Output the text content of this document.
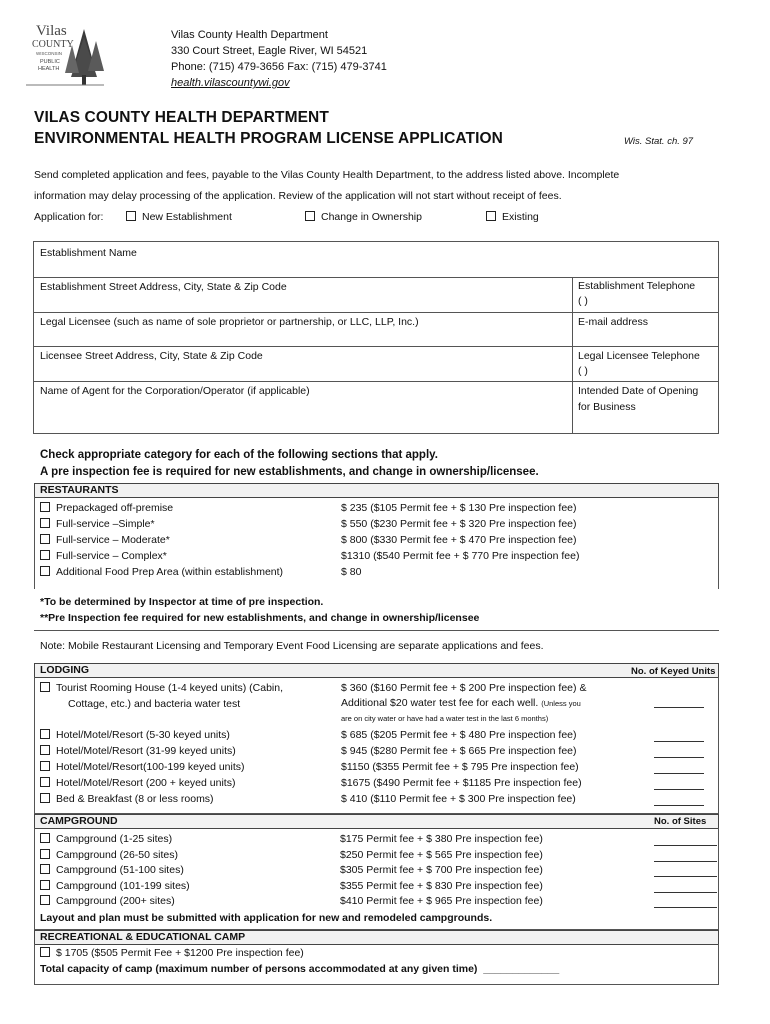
Vilas
COUNTY
WISCONSIN
PUBLIC
HEALTH
Vilas County Health Department
330 Court Street, Eagle River, WI 54521
Phone: (715) 479-3656 Fax: (715) 479-3741
health.vilascountywi.gov
VILAS COUNTY HEALTH DEPARTMENT
ENVIRONMENTAL HEALTH PROGRAM LICENSE APPLICATION	Wis. Stat. ch. 97
Send completed application and fees, payable to the Vilas County Health Department, to the address listed above. Incomplete
information may delay processing of the application. Review of the application will not start without receipt of fees.
Application for:	New Establishment	Change in Ownership	Existing
Establishment Name
Establishment Street Address, City, State & Zip Code	Establishment Telephone
( )
Legal Licensee (such as name of sole proprietor or partnership, or LLC, LLP, Inc.)	E-mail address
Licensee Street Address, City, State & Zip Code	Legal Licensee Telephone
( )
Name of Agent for the Corporation/Operator (if applicable)	Intended Date of Opening
for Business
Check appropriate category for each of the following sections that apply.
A pre inspection fee is required for new establishments, and change in ownership/licensee.
RESTAURANTS
Prepackaged off-premise	$ 235 ($105 Permit fee + $ 130 Pre inspection fee)
Full-service –Simple*	$ 550 ($230 Permit fee + $ 320 Pre inspection fee)
Full-service – Moderate*	$ 800 ($330 Permit fee + $ 470 Pre inspection fee)
Full-service – Complex*	$1310 ($540 Permit fee + $ 770 Pre inspection fee)
Additional Food Prep Area (within establishment)	$ 80
*To be determined by Inspector at time of pre inspection.
**Pre Inspection fee required for new establishments, and change in ownership/licensee
Note: Mobile Restaurant Licensing and Temporary Event Food Licensing are separate applications and fees.
LODGING	No. of Keyed Units
Tourist Rooming House (1-4 keyed units) (Cabin,
Cottage, etc.) and bacteria water test
$ 360 ($160 Permit fee + $ 200 Pre inspection fee) &
Additional $20 water test fee for each well. (Unless you
are on city water or have had a water test in the last 6 months)
Hotel/Motel/Resort (5-30 keyed units)	$ 685 ($205 Permit fee + $ 480 Pre inspection fee)
Hotel/Motel/Resort (31-99 keyed units)	$ 945 ($280 Permit fee + $ 665 Pre inspection fee)
Hotel/Motel/Resort(100-199 keyed units)	$1150 ($355 Permit fee + $ 795 Pre inspection fee)
Hotel/Motel/Resort (200 + keyed units)	$1675 ($490 Permit fee + $1185 Pre inspection fee)
Bed & Breakfast (8 or less rooms)	$ 410 ($110 Permit fee + $ 300 Pre inspection fee)
CAMPGROUND	No. of Sites
Campground (1-25 sites)	$175 Permit fee + $ 380 Pre inspection fee)
Campground (26-50 sites)	$250 Permit fee + $ 565 Pre inspection fee)
Campground (51-100 sites)	$305 Permit fee + $ 700 Pre inspection fee)
Campground (101-199 sites)	$355 Permit fee + $ 830 Pre inspection fee)
Campground (200+ sites)	$410 Permit fee + $ 965 Pre inspection fee)
Layout and plan must be submitted with application for new and remodeled campgrounds.
RECREATIONAL & EDUCATIONAL CAMP
$ 1705 ($505 Permit Fee + $1200 Pre inspection fee)
Total capacity of camp (maximum number of persons accommodated at any given time) _____________
